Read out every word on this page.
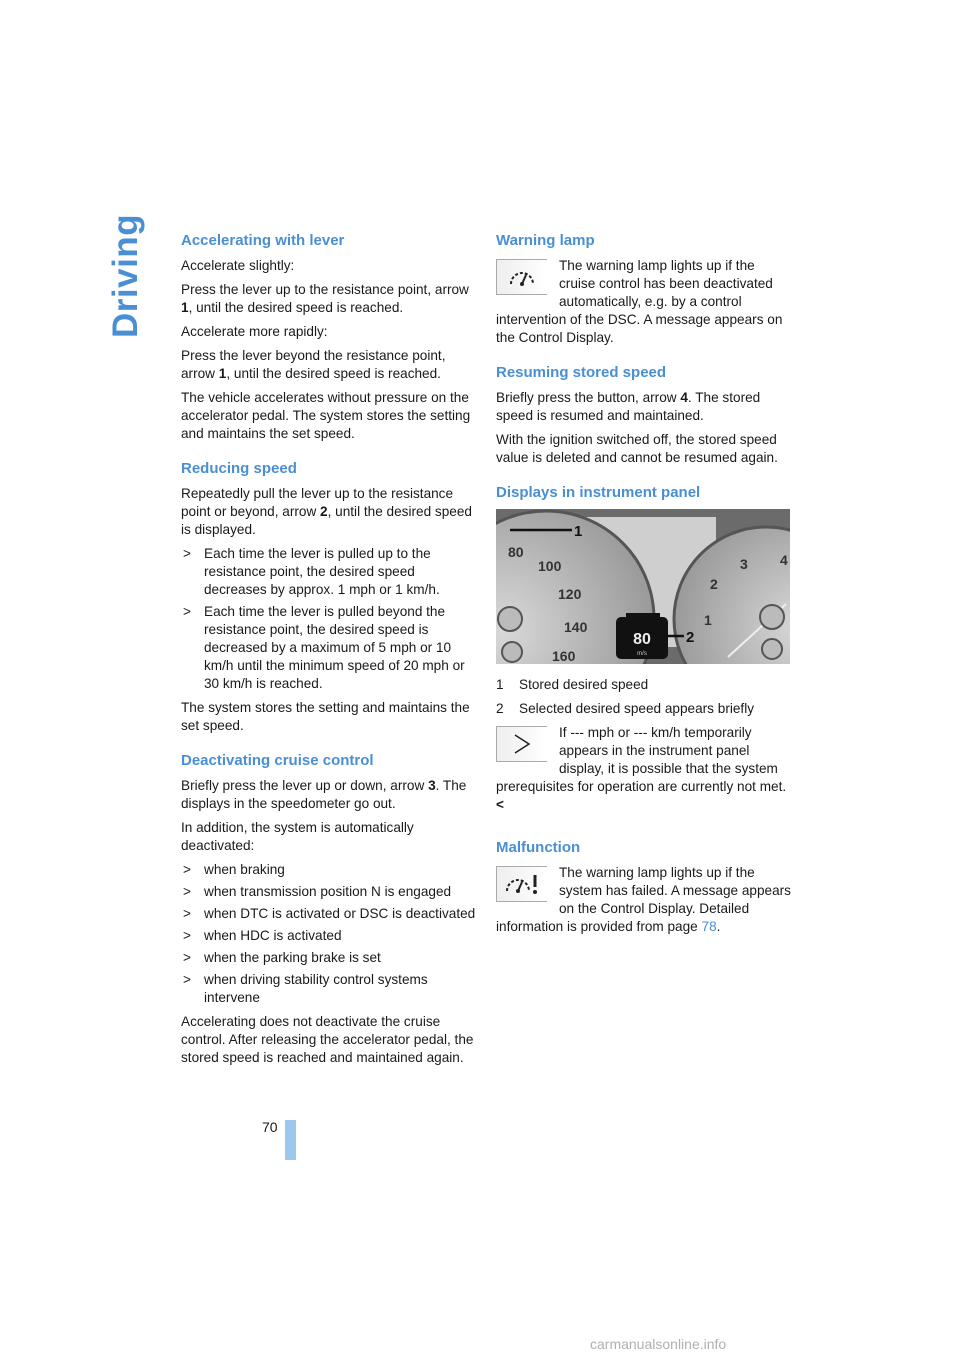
Driving Accelerating with lever

Accelerate slightly:

Press the lever up to the resistance point, arrow 1, until the desired speed is reached.

Accelerate more rapidly:

Press the lever beyond the resistance point, arrow 1, until the desired speed is reached.

The vehicle accelerates without pressure on the accelerator pedal. The system stores the setting and maintains the set speed.

Reducing speed

Repeatedly pull the lever up to the resistance point or beyond, arrow 2, until the desired speed is displayed.

> Each time the lever is pulled up to the resistance point, the desired speed decreases by approx. 1 mph or 1 km/h.
> Each time the lever is pulled beyond the resistance point, the desired speed is decreased by a maximum of 5 mph or 10 km/h until the minimum speed of 20 mph or 30 km/h is reached.

The system stores the setting and maintains the set speed.

Deactivating cruise control

Briefly press the lever up or down, arrow 3. The displays in the speedometer go out.

In addition, the system is automatically deactivated:

> when braking
> when transmission position N is engaged
> when DTC is activated or DSC is deactivated
> when HDC is activated
> when the parking brake is set
> when driving stability control systems intervene

Accelerating does not deactivate the cruise control. After releasing the accelerator pedal, the stored speed is reached and maintained again.

Warning lamp

The warning lamp lights up if the cruise control has been deactivated automatically, e.g. by a control intervention of the DSC. A message appears on the Control Display.

Resuming stored speed

Briefly press the button, arrow 4. The stored speed is resumed and maintained.

With the ignition switched off, the stored speed value is deleted and cannot be resumed again.

Displays in instrument panel
80
m/s
80
100
120
140
160
4
3
2
1
1
2
1	Stored desired speed
2	Selected desired speed appears briefly

If --- mph or --- km/h temporarily appears in the instrument panel display, it is possible that the system prerequisites for operation are currently not met.<

Malfunction

The warning lamp lights up if the system has failed. A message appears on the Control Display. Detailed information is provided from page 78.

70
carmanualsonline.info
